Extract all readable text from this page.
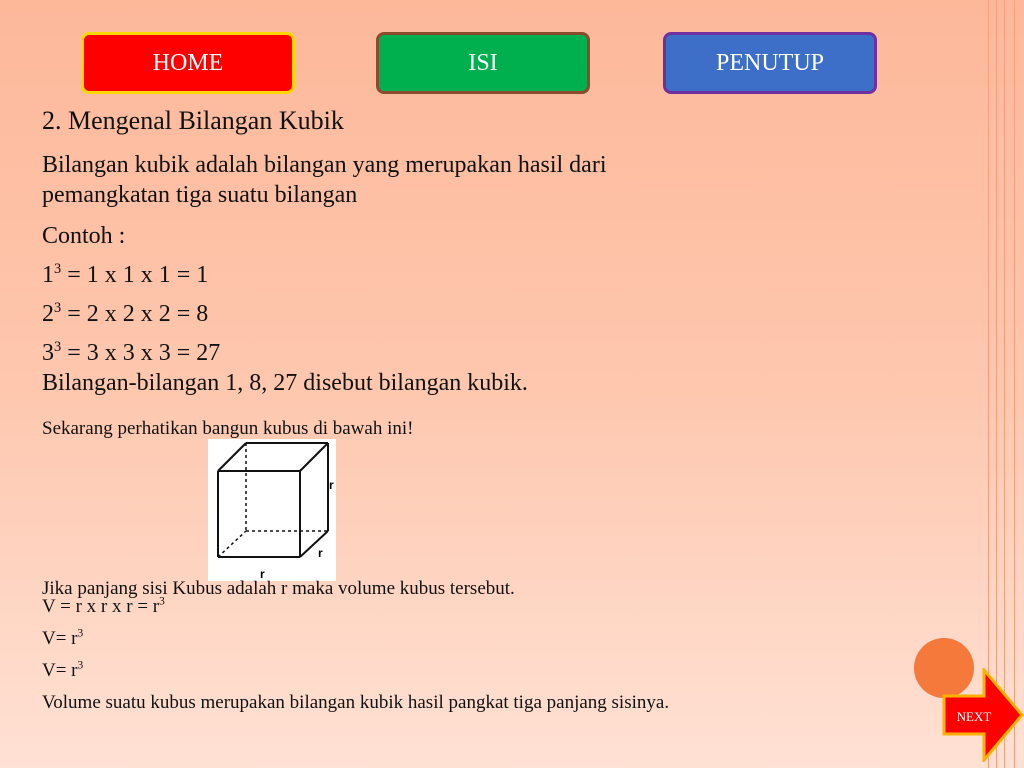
HOME	ISI	PENUTUP
2. Mengenal Bilangan Kubik
Bilangan kubik adalah bilangan yang merupakan hasil dari
pemangkatan tiga suatu bilangan
Contoh :
$1^3 = 1$ x 1 x 1 = 1
$2^3 = 2$ x 2 x 2 = 8
$3^3 = 3$ x 3 x 3 = 27
Bilangan-bilangan 1, 8, 27 disebut bilangan kubik.
Sekarang perhatikan bangun kubus di bawah ini!
r
r
r
Jika panjang sisi Kubus adalah r maka volume kubus tersebut.
V = r x r x $r = r^3$
$V= r^3$
$V= r^3$
Volume suatu kubus merupakan bilangan kubik hasil pangkat tiga panjang sisinya.
NEXT
